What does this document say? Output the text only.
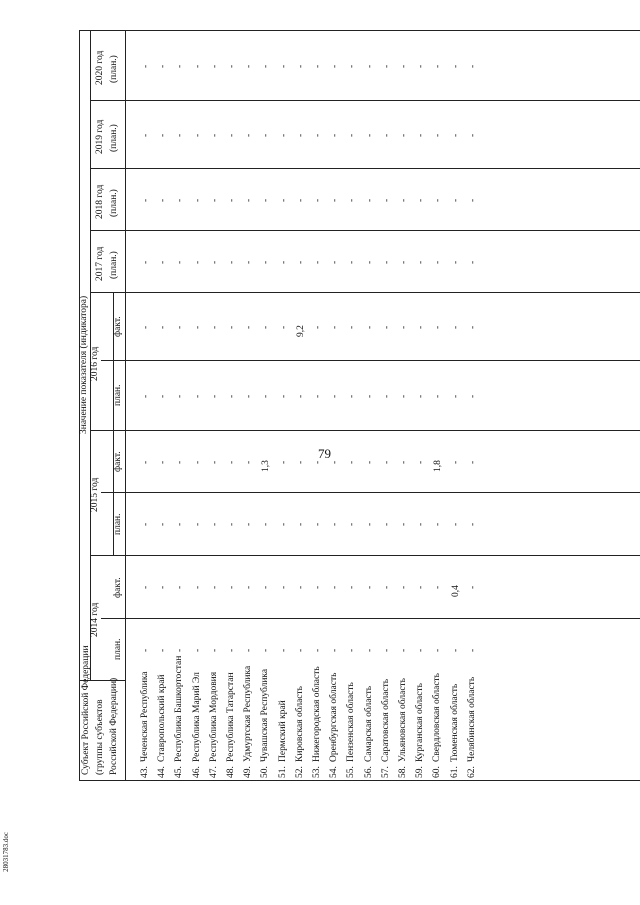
79
28031783.doc
Субъект Российской Федерации (группы субъектов Российской Федерации)
Значение показателя (индикатора)
2014 год
2015 год
2016 год
2017 год (план.)
2018 год (план.)
2019 год (план.)
2020 год (план.)
план.
факт.
план.
факт.
план.
факт.
43.
Чеченская Республика
-
-
-
-
-
-
-
-
-
-
44.
Ставропольский край
-
-
-
-
-
-
-
-
-
-
45.
Республика Башкортостан
-
-
-
-
-
-
-
-
-
-
46.
Республика Марий Эл
-
-
-
-
-
-
-
-
-
-
47.
Республика Мордовия
-
-
-
-
-
-
-
-
-
-
48.
Республика Татарстан
-
-
-
-
-
-
-
-
-
-
49.
Удмуртская Республика
-
-
-
-
-
-
-
-
-
-
50.
Чувашская Республика
-
-
-
1,3
-
-
-
-
-
-
51.
Пермский край
-
-
-
-
-
-
-
-
-
-
52.
Кировская область
-
-
-
-
-
9,2
-
-
-
-
53.
Нижегородская область
-
-
-
-
-
-
-
-
-
-
54.
Оренбургская область
-
-
-
-
-
-
-
-
-
-
55.
Пензенская область
-
-
-
-
-
-
-
-
-
-
56.
Самарская область
-
-
-
-
-
-
-
-
-
-
57.
Саратовская область
-
-
-
-
-
-
-
-
-
-
58.
Ульяновская область
-
-
-
-
-
-
-
-
-
-
59.
Курганская область
-
-
-
-
-
-
-
-
-
-
60.
Свердловская область
-
-
-
1,8
-
-
-
-
-
-
61.
Тюменская область
-
0,4
-
-
-
-
-
-
-
-
62.
Челябинская область
-
-
-
-
-
-
-
-
-
-
